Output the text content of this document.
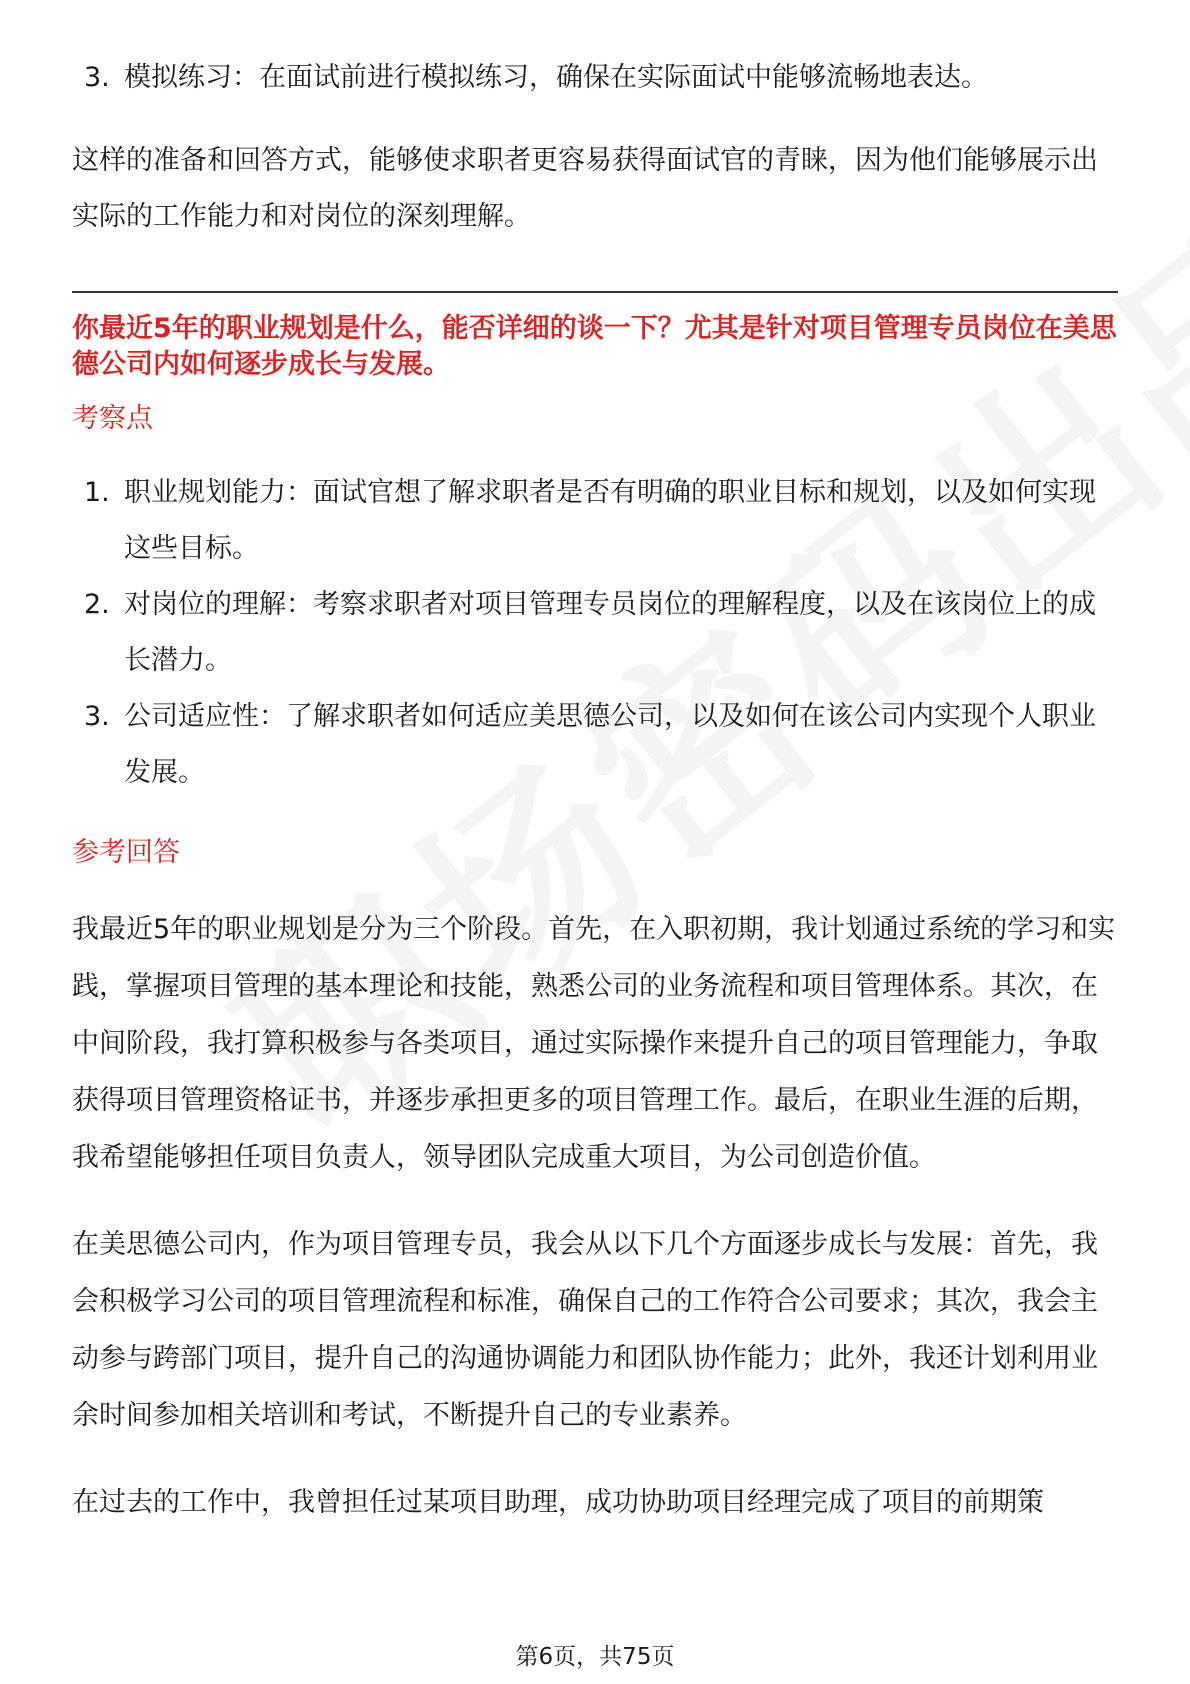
3. 模拟练习：在面试前进行模拟练习，确保在实际面试中能够流畅地表达。

这样的准备和回答方式，能够使求职者更容易获得面试官的青睐，因为他们能够展示出实际的工作能力和对岗位的深刻理解。

你最近5年的职业规划是什么，能否详细的谈一下？尤其是针对项目管理专员岗位在美思德公司内如何逐步成长与发展。

考察点

1. 职业规划能力：面试官想了解求职者是否有明确的职业目标和规划，以及如何实现这些目标。
2. 对岗位的理解：考察求职者对项目管理专员岗位的理解程度，以及在该岗位上的成长潜力。
3. 公司适应性：了解求职者如何适应美思德公司，以及如何在该公司内实现个人职业发展。

参考回答

我最近5年的职业规划是分为三个阶段。首先，在入职初期，我计划通过系统的学习和实践，掌握项目管理的基本理论和技能，熟悉公司的业务流程和项目管理体系。其次，在中间阶段，我打算积极参与各类项目，通过实际操作来提升自己的项目管理能力，争取获得项目管理资格证书，并逐步承担更多的项目管理工作。最后，在职业生涯的后期，我希望能够担任项目负责人，领导团队完成重大项目，为公司创造价值。

在美思德公司内，作为项目管理专员，我会从以下几个方面逐步成长与发展：首先，我会积极学习公司的项目管理流程和标准，确保自己的工作符合公司要求；其次，我会主动参与跨部门项目，提升自己的沟通协调能力和团队协作能力；此外，我还计划利用业余时间参加相关培训和考试，不断提升自己的专业素养。

在过去的工作中，我曾担任过某项目助理，成功协助项目经理完成了项目的前期策

第6页，共75页
